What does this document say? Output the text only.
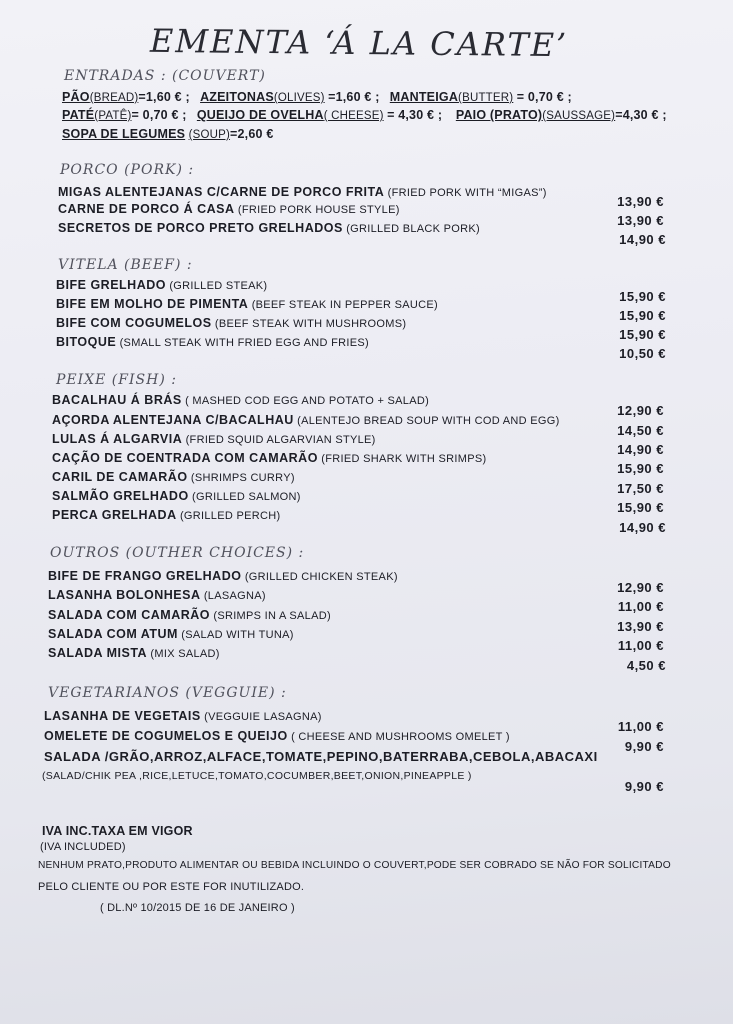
EMENTA ‘Á LA CARTE’
ENTRADAS : (COUVERT)
PÃO(BREAD)=1,60 € ; AZEITONAS(OLIVES) =1,60 € ; MANTEIGA(BUTTER) = 0,70 € ;
PATÉ(PATÊ)= 0,70 € ; QUEIJO DE OVELHA( CHEESE) = 4,30 € ; PAIO (PRATO)(SAUSSAGE)=4,30 € ;
SOPA DE LEGUMES (SOUP)=2,60 €
PORCO (PORK) :
MIGAS ALENTEJANAS C/CARNE DE PORCO FRITA (FRIED PORK WITH “MIGAS”)
CARNE DE PORCO Á CASA (FRIED PORK HOUSE STYLE)
SECRETOS DE PORCO PRETO GRELHADOS (GRILLED BLACK PORK)
13,90 €
13,90 €
14,90 €
VITELA (BEEF) :
BIFE GRELHADO (GRILLED STEAK)
BIFE EM MOLHO DE PIMENTA (BEEF STEAK IN PEPPER SAUCE)
BIFE COM COGUMELOS (BEEF STEAK WITH MUSHROOMS)
BITOQUE (SMALL STEAK WITH FRIED EGG AND FRIES)
15,90 €
15,90 €
15,90 €
10,50 €
PEIXE (FISH) :
BACALHAU Á BRÁS ( MASHED COD EGG AND POTATO + SALAD)
AÇORDA ALENTEJANA C/BACALHAU (ALENTEJO BREAD SOUP WITH COD AND EGG)
LULAS Á ALGARVIA (FRIED SQUID ALGARVIAN STYLE)
CAÇÃO DE COENTRADA COM CAMARÃO (FRIED SHARK WITH SRIMPS)
CARIL DE CAMARÃO (SHRIMPS CURRY)
SALMÃO GRELHADO (GRILLED SALMON)
PERCA GRELHADA (GRILLED PERCH)
12,90 €
14,50 €
14,90 €
15,90 €
17,50 €
15,90 €
14,90 €
OUTROS (OUTHER CHOICES) :
BIFE DE FRANGO GRELHADO (GRILLED CHICKEN STEAK)
LASANHA BOLONHESA (LASAGNA)
SALADA COM CAMARÃO (SRIMPS IN A SALAD)
SALADA COM ATUM (SALAD WITH TUNA)
SALADA MISTA (MIX SALAD)
12,90 €
11,00 €
13,90 €
11,00 €
4,50 €
VEGETARIANOS (VEGGUIE) :
LASANHA DE VEGETAIS (VEGGUIE LASAGNA)
OMELETE DE COGUMELOS E QUEIJO ( CHEESE AND MUSHROOMS OMELET )
SALADA /GRÃO,ARROZ,ALFACE,TOMATE,PEPINO,BATERRABA,CEBOLA,ABACAXI
(SALAD/CHIK PEA ,RICE,LETUCE,TOMATO,COCUMBER,BEET,ONION,PINEAPPLE )
11,00 €
9,90 €
9,90 €
IVA INC.TAXA EM VIGOR
(IVA INCLUDED)
NENHUM PRATO,PRODUTO ALIMENTAR OU BEBIDA INCLUINDO O COUVERT,PODE SER COBRADO SE NÃO FOR SOLICITADO
PELO CLIENTE OU POR ESTE FOR INUTILIZADO.
( DL.Nº 10/2015 DE 16 DE JANEIRO )
